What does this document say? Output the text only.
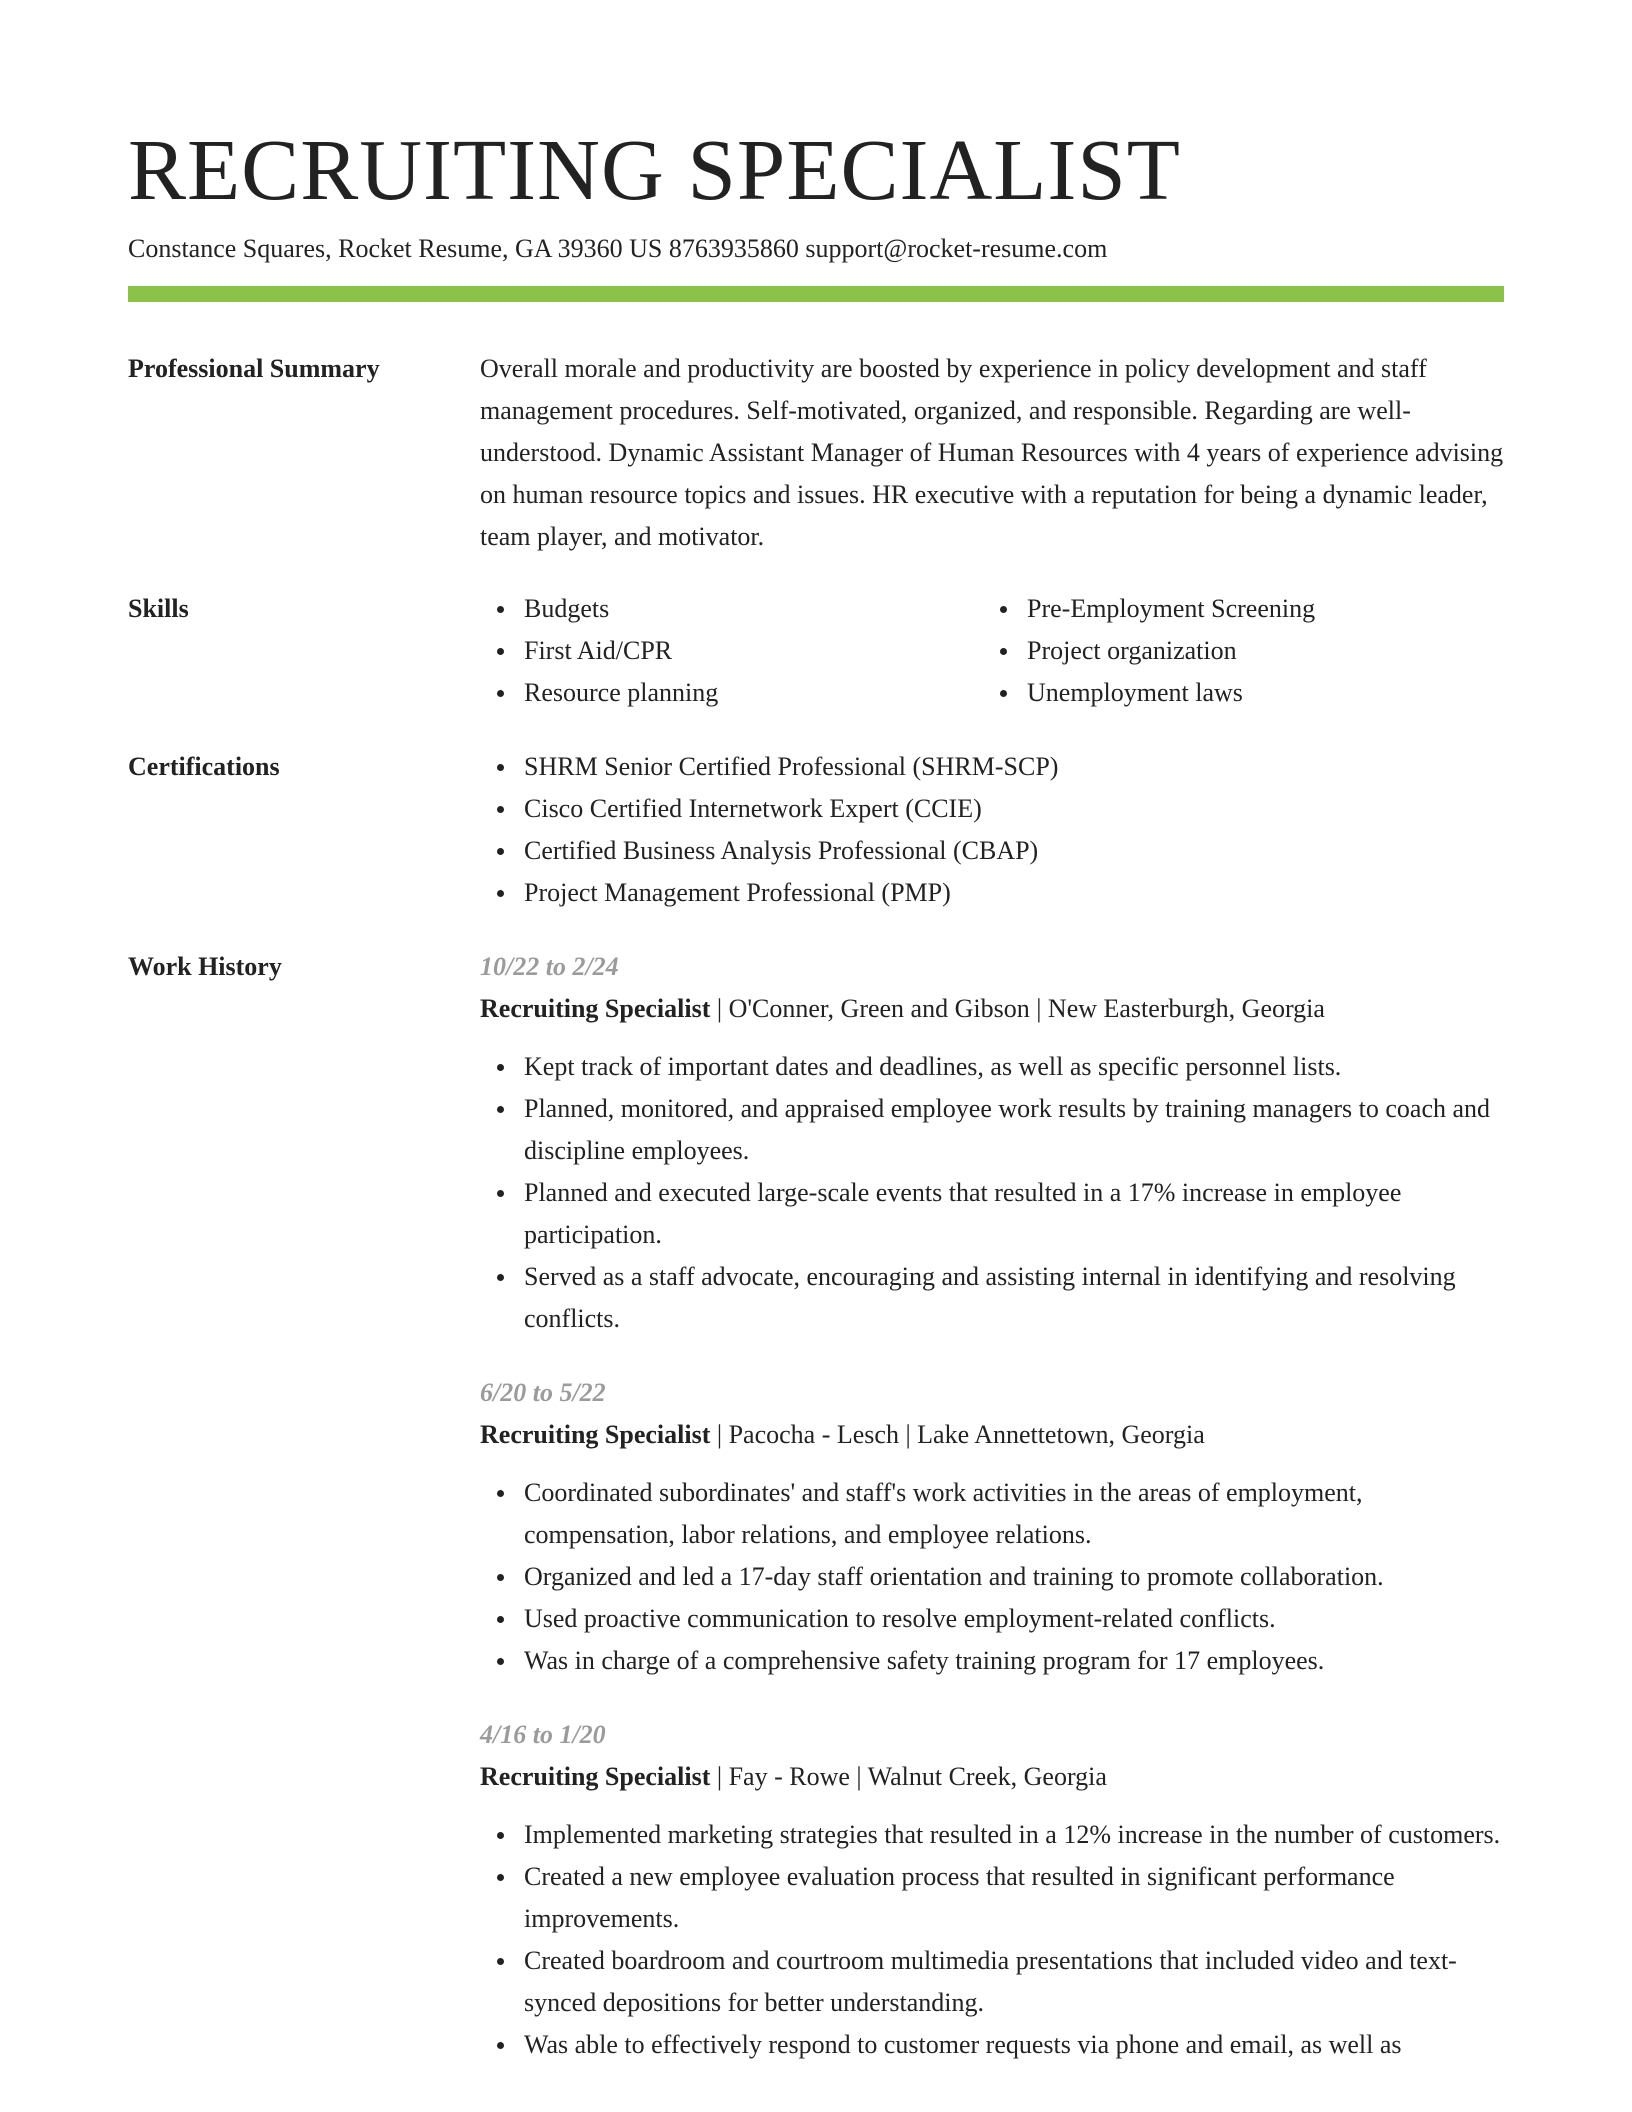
RECRUITING SPECIALIST
Constance Squares, Rocket Resume, GA 39360 US 8763935860 support@rocket-resume.com
Professional Summary	Overall morale and productivity are boosted by experience in policy development and staff management procedures. Self-motivated, organized, and responsible. Regarding are well-understood. Dynamic Assistant Manager of Human Resources with 4 years of experience advising on human resource topics and issues. HR executive with a reputation for being a dynamic leader, team player, and motivator.

Skills	Budgets
First Aid/CPR
Resource planning
Pre-Employment Screening
Project organization
Unemployment laws
Certifications	SHRM Senior Certified Professional (SHRM-SCP)
Cisco Certified Internetwork Expert (CCIE)
Certified Business Analysis Professional (CBAP)
Project Management Professional (PMP)
Work History	10/22 to 2/24
Recruiting Specialist | O'Conner, Green and Gibson | New Easterburgh, Georgia
Kept track of important dates and deadlines, as well as specific personnel lists.
Planned, monitored, and appraised employee work results by training managers to coach and discipline employees.
Planned and executed large-scale events that resulted in a 17% increase in employee participation.
Served as a staff advocate, encouraging and assisting internal in identifying and resolving conflicts.
6/20 to 5/22
Recruiting Specialist | Pacocha - Lesch | Lake Annettetown, Georgia
Coordinated subordinates' and staff's work activities in the areas of employment, compensation, labor relations, and employee relations.
Organized and led a 17-day staff orientation and training to promote collaboration.
Used proactive communication to resolve employment-related conflicts.
Was in charge of a comprehensive safety training program for 17 employees.
4/16 to 1/20
Recruiting Specialist | Fay - Rowe | Walnut Creek, Georgia
Implemented marketing strategies that resulted in a 12% increase in the number of customers.
Created a new employee evaluation process that resulted in significant performance improvements.
Created boardroom and courtroom multimedia presentations that included video and text-synced depositions for better understanding.
Was able to effectively respond to customer requests via phone and email, as well as
